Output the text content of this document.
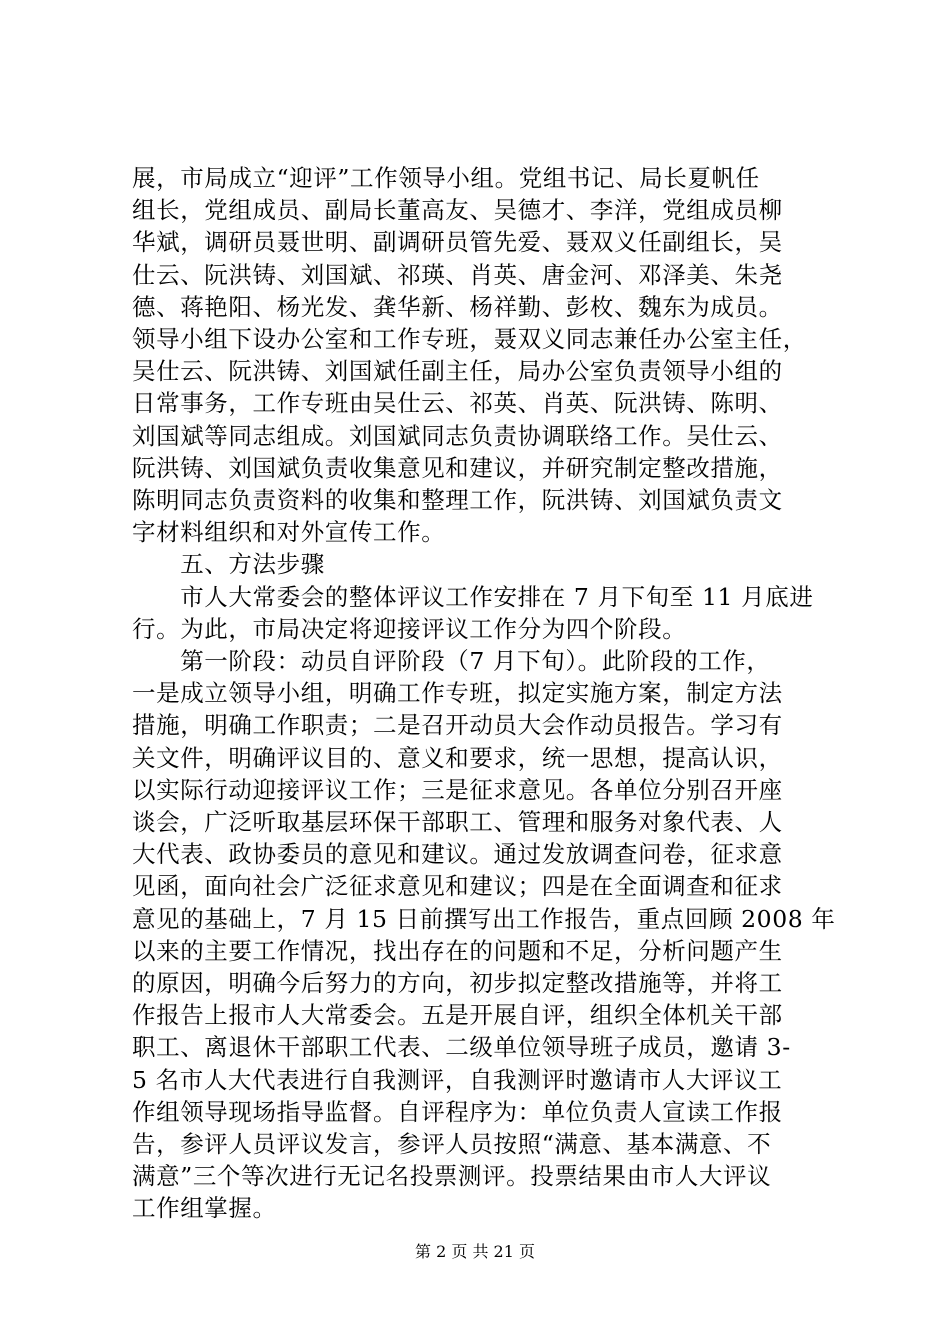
展，市局成立“迎评”工作领导小组。党组书记、局长夏帆任
组长，党组成员、副局长董高友、吴德才、李洋，党组成员柳
华斌，调研员聂世明、副调研员管先爱、聂双义任副组长，吴
仕云、阮洪铸、刘国斌、祁瑛、肖英、唐金河、邓泽美、朱尧
德、蒋艳阳、杨光发、龚华新、杨祥勤、彭枚、魏东为成员。
领导小组下设办公室和工作专班，聂双义同志兼任办公室主任，
吴仕云、阮洪铸、刘国斌任副主任，局办公室负责领导小组的
日常事务，工作专班由吴仕云、祁英、肖英、阮洪铸、陈明、
刘国斌等同志组成。刘国斌同志负责协调联络工作。吴仕云、
阮洪铸、刘国斌负责收集意见和建议，并研究制定整改措施，
陈明同志负责资料的收集和整理工作，阮洪铸、刘国斌负责文
字材料组织和对外宣传工作。
　　五、方法步骤
　　市人大常委会的整体评议工作安排在 7 月下旬至 11 月底进
行。为此，市局决定将迎接评议工作分为四个阶段。
　　第一阶段：动员自评阶段（7 月下旬）。此阶段的工作，
一是成立领导小组，明确工作专班，拟定实施方案，制定方法
措施，明确工作职责；二是召开动员大会作动员报告。学习有
关文件，明确评议目的、意义和要求，统一思想，提高认识，
以实际行动迎接评议工作；三是征求意见。各单位分别召开座
谈会，广泛听取基层环保干部职工、管理和服务对象代表、人
大代表、政协委员的意见和建议。通过发放调查问卷，征求意
见函，面向社会广泛征求意见和建议；四是在全面调查和征求
意见的基础上，7 月 15 日前撰写出工作报告，重点回顾 2008 年
以来的主要工作情况，找出存在的问题和不足，分析问题产生
的原因，明确今后努力的方向，初步拟定整改措施等，并将工
作报告上报市人大常委会。五是开展自评，组织全体机关干部
职工、离退休干部职工代表、二级单位领导班子成员，邀请 3-
5 名市人大代表进行自我测评，自我测评时邀请市人大评议工
作组领导现场指导监督。自评程序为：单位负责人宣读工作报
告，参评人员评议发言，参评人员按照“满意、基本满意、不
满意”三个等次进行无记名投票测评。投票结果由市人大评议
工作组掌握。
第 2 页 共 21 页
